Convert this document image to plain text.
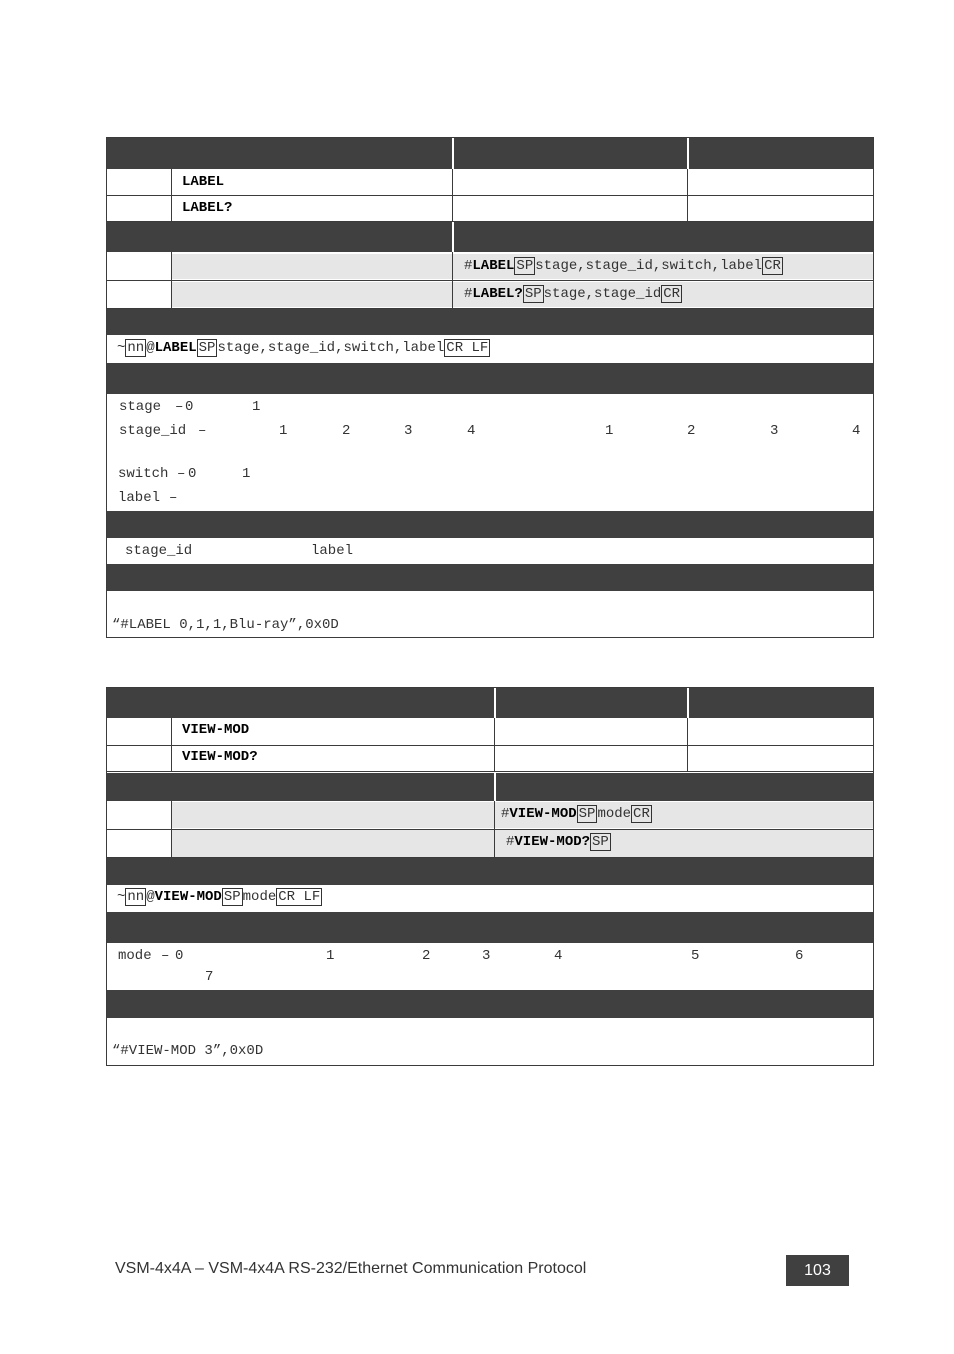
LABEL
LABEL?
#LABEL SP stage,stage_id,switch,label CR
#LABEL? SP stage,stage_id CR
~ nn @LABEL SP stage,stage_id,switch,label CR LF
stage – 0	1
stage_id –	1	2	3	4	1	2	3	4
switch – 0	1
label –
stage_id	label
“#LABEL 0,1,1,Blu-ray”,0x0D
VIEW-MOD
VIEW-MOD?
#VIEW-MOD SP mode CR
#VIEW-MOD? SP
~ nn @VIEW-MOD SP mode CR LF
mode – 0	1	2	3	4	5	6
7
“#VIEW-MOD 3”,0x0D
VSM-4x4A – VSM-4x4A RS-232/Ethernet Communication Protocol	103
